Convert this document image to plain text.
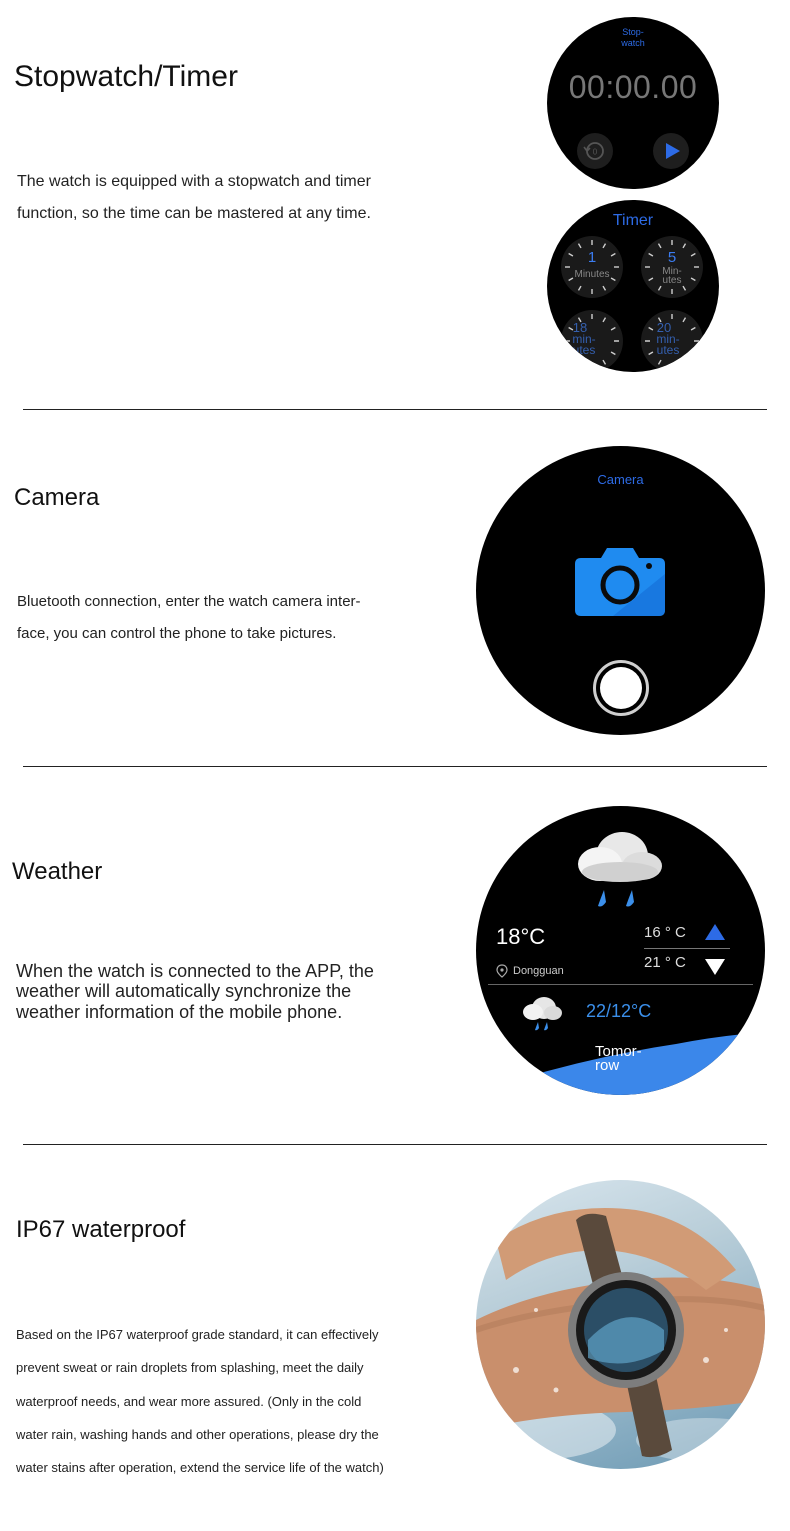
Stopwatch/Timer

The watch is equipped with a stopwatch and timer

function, so the time can be mastered at any time.

Stop-
watch
00:00.00
0
Timer
1
Minutes
5
Min-
utes
18
min-
utes
20
min-
utes
Camera

Bluetooth connection, enter the watch camera inter-

face, you can control the phone to take pictures.

Camera
Weather

When the watch is connected to the APP, the

weather will automatically synchronize the

weather information of the mobile phone.

18°C	16 ° C
21 ° C
Dongguan
22/12°C
Tomor-
row
IP67 waterproof

Based on the IP67 waterproof grade standard, it can effectively

prevent sweat or rain droplets from splashing, meet the daily

waterproof needs, and wear more assured. (Only in the cold

water rain, washing hands and other operations, please dry the

water stains after operation, extend the service life of the watch)
